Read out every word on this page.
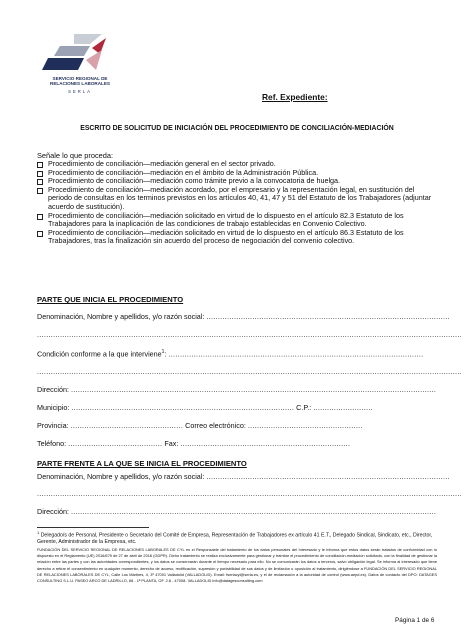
SERVICIO REGIONAL DE
RELACIONES LABORALES
SERLA
Ref. Expediente:
ESCRITO DE SOLICITUD DE INICIACIÓN DEL PROCEDIMIENTO DE CONCILIACIÓN-MEDIACIÓN
Señale lo que proceda:
Procedimiento de conciliación—mediación general en el sector privado.
Procedimiento de conciliación—mediación en el ámbito de la Administración Pública.
Procedimiento de conciliación—mediación como trámite previo a la convocatoria de huelga.
Procedimiento de conciliación—mediación acordado, por el empresario y la representación legal, en sustitución del periodo de consultas en los terminos previstos en los artículos 40, 41, 47 y 51 del Estatuto de los Trabajadores (adjuntar acuerdo de sustitución).
Procedimiento de conciliación—mediación solicitado en virtud de lo dispuesto en el artículo 82.3 Estatuto de los Trabajadores para la inaplicación de las condiciones de trabajo establecidas en Convenio Colectivo.
Procedimiento de conciliación—mediación solicitado en virtud de lo dispuesto en el artículo 86.3 Estatuto de los Trabajadores, tras la finalización sin acuerdo del proceso de negociación del convenio colectivo.
PARTE QUE INICIA EL PROCEDIMIENTO
Denominación, Nombre y apellidos, y/o razón social: ..........................................................................................................
.........................................................................................................................................................................................
Condición conforme a la que interviene$^1$: ...............................................................................................................
.........................................................................................................................................................................................
Dirección: ...............................................................................................................................................................
Municipio: ................................................................................................. C.P.: ..........................
Provincia: ................................................. Correo electrónico: ..................................................
Teléfono: ......................................... Fax: ..........................................................................
PARTE FRENTE A LA QUE SE INICIA EL PROCEDIMIENTO
Denominación, Nombre y apellidos, y/o razón social: ..........................................................................................................
.........................................................................................................................................................................................
Dirección: ...............................................................................................................................................................
$^1$ Delegado/s de Personal, Presidente o Secretario del Comité de Empresa, Representación de Trabajadores ex artículo 41 E.T., Delegado Sindical, Sindicato, etc., Director, Gerente, Administrador de la Empresa, etc.
FUNDACIÓN DEL SERVICIO REGIONAL DE RELACIONES LABORALES DE CYL es el Responsable del tratamiento de los datos personales del Interesado y le informa que estos datos serán tratados de conformidad con lo dispuesto en el Reglamento (UE) 2016/679 de 27 de abril de 2016 (GDPR). Dicho tratamiento se realiza exclusivamente para gestionar y tramitar el procedimiento de conciliación-mediación solicitado, con la finalidad de gestionar la relación entre las partes y con las autoridades correspondientes, y los datos se conservarán durante el tiempo necesario para ello. No se comunicarán los datos a terceros, salvo obligación legal. Se informa al interesado que tiene derecho a retirar el consentimiento en cualquier momento, derecho de acceso, rectificación, supresión y portabilidad de sus datos y de limitación u oposición al tratamiento, dirigiéndose a FUNDACIÓN DEL SERVICIO REGIONAL DE RELACIONES LABORALES DE CYL, Calle Los Mártires, 4, 3º 47001 Valladolid (VALLADOLID). Email: fserlacyl@serla.es, y el de reclamación a la autoridad de control (www.aepd.es). Datos de contacto del DPO: DATAGES CONSULTING S.L.U. PASEO ARCO DE LADRILLO, 68 - 1ª PLANTA, OF. 2.8 - 47008- VALLADOLID info@datagesconsulting.com
Página 1 de 6
